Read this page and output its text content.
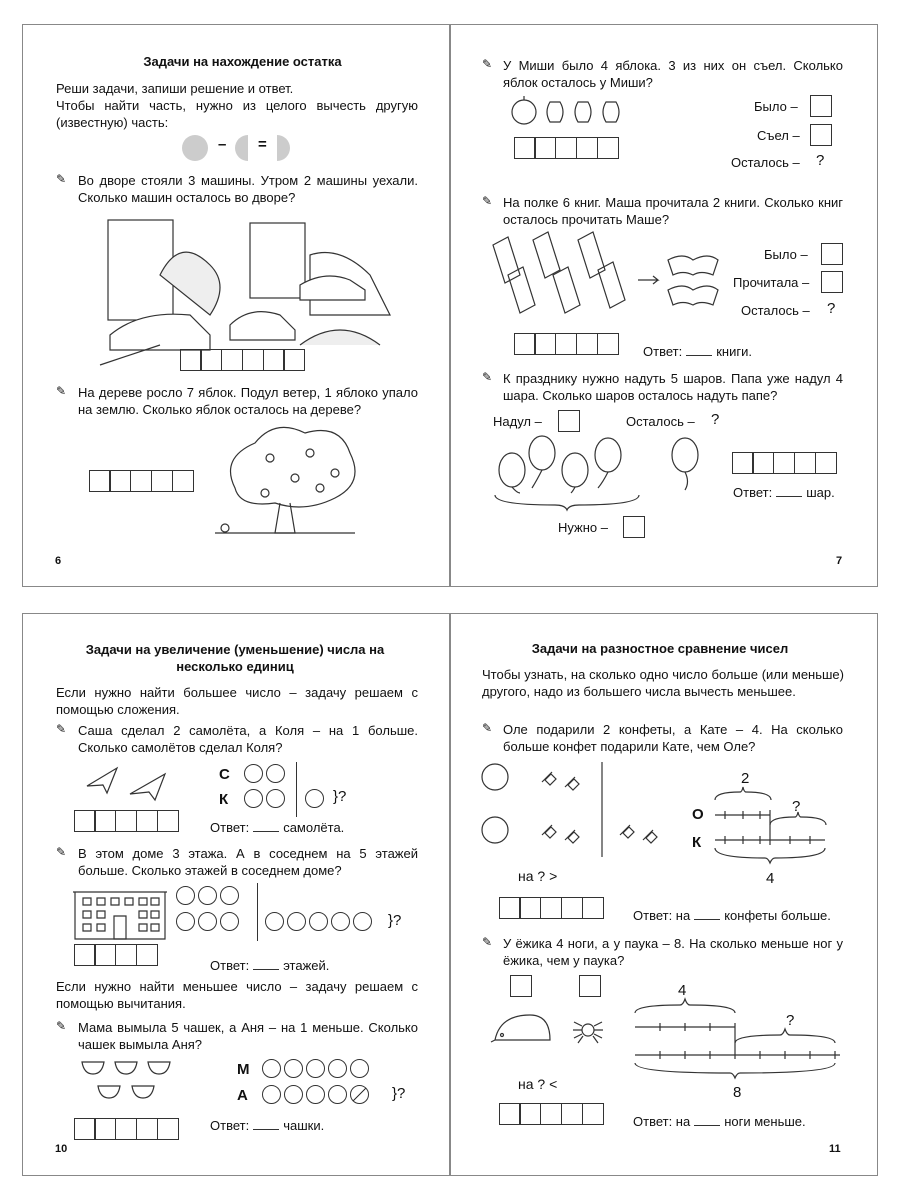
Задачи на нахождение остатка
Реши задачи, запиши решение и ответ.
Чтобы найти часть, нужно из целого вычесть другую (известную) часть:
– =
✎ Во дворе стояли 3 машины. Утром 2 машины уехали. Сколько машин осталось во дворе?
✎ На дереве росло 7 яблок. Подул ветер, 1 яблоко упало на землю. Сколько яблок осталось на дереве?
6
✎ У Миши было 4 яблока. 3 из них он съел. Сколько яблок осталось у Миши?
Было –
Съел –
Осталось – ?
✎ На полке 6 книг. Маша прочитала 2 книги. Сколько книг осталось прочитать Маше?
Было –
Прочитала –
Осталось – ?
Ответ:	книги.
✎ К празднику нужно надуть 5 шаров. Папа уже надул 4 шара. Сколько шаров осталось надуть папе?
Надул –	Осталось – ?
Ответ:	шар.
Нужно –
7
Задачи на увеличение (уменьшение) числа на несколько единиц
Если нужно найти большее число – задачу решаем с помощью сложения.
✎ Саша сделал 2 самолёта, а Коля – на 1 больше. Сколько самолётов сделал Коля?
С
К	}?
Ответ:	самолёта.
✎ В этом доме 3 этажа. А в соседнем на 5 этажей больше. Сколько этажей в соседнем доме?

}?
Ответ:	этажей.
Если нужно найти меньшее число – задачу решаем с помощью вычитания.
✎ Мама вымыла 5 чашек, а Аня – на 1 меньше. Сколько чашек вымыла Аня?
М
А	}?
Ответ:	чашки.
10
Задачи на разностное сравнение чисел
Чтобы узнать, на сколько одно число больше (или меньше) другого, надо из большего числа вычесть меньшее.
✎ Оле подарили 2 конфеты, а Кате – 4. На сколько больше конфет подарили Кате, чем Оле?
О
К
2
?
4
на ? >
Ответ: на	конфеты больше.
✎ У ёжика 4 ноги, а у паука – 8. На сколько меньше ног у ёжика, чем у паука?
4
?
8
на ? <
Ответ: на	ноги меньше.
11
